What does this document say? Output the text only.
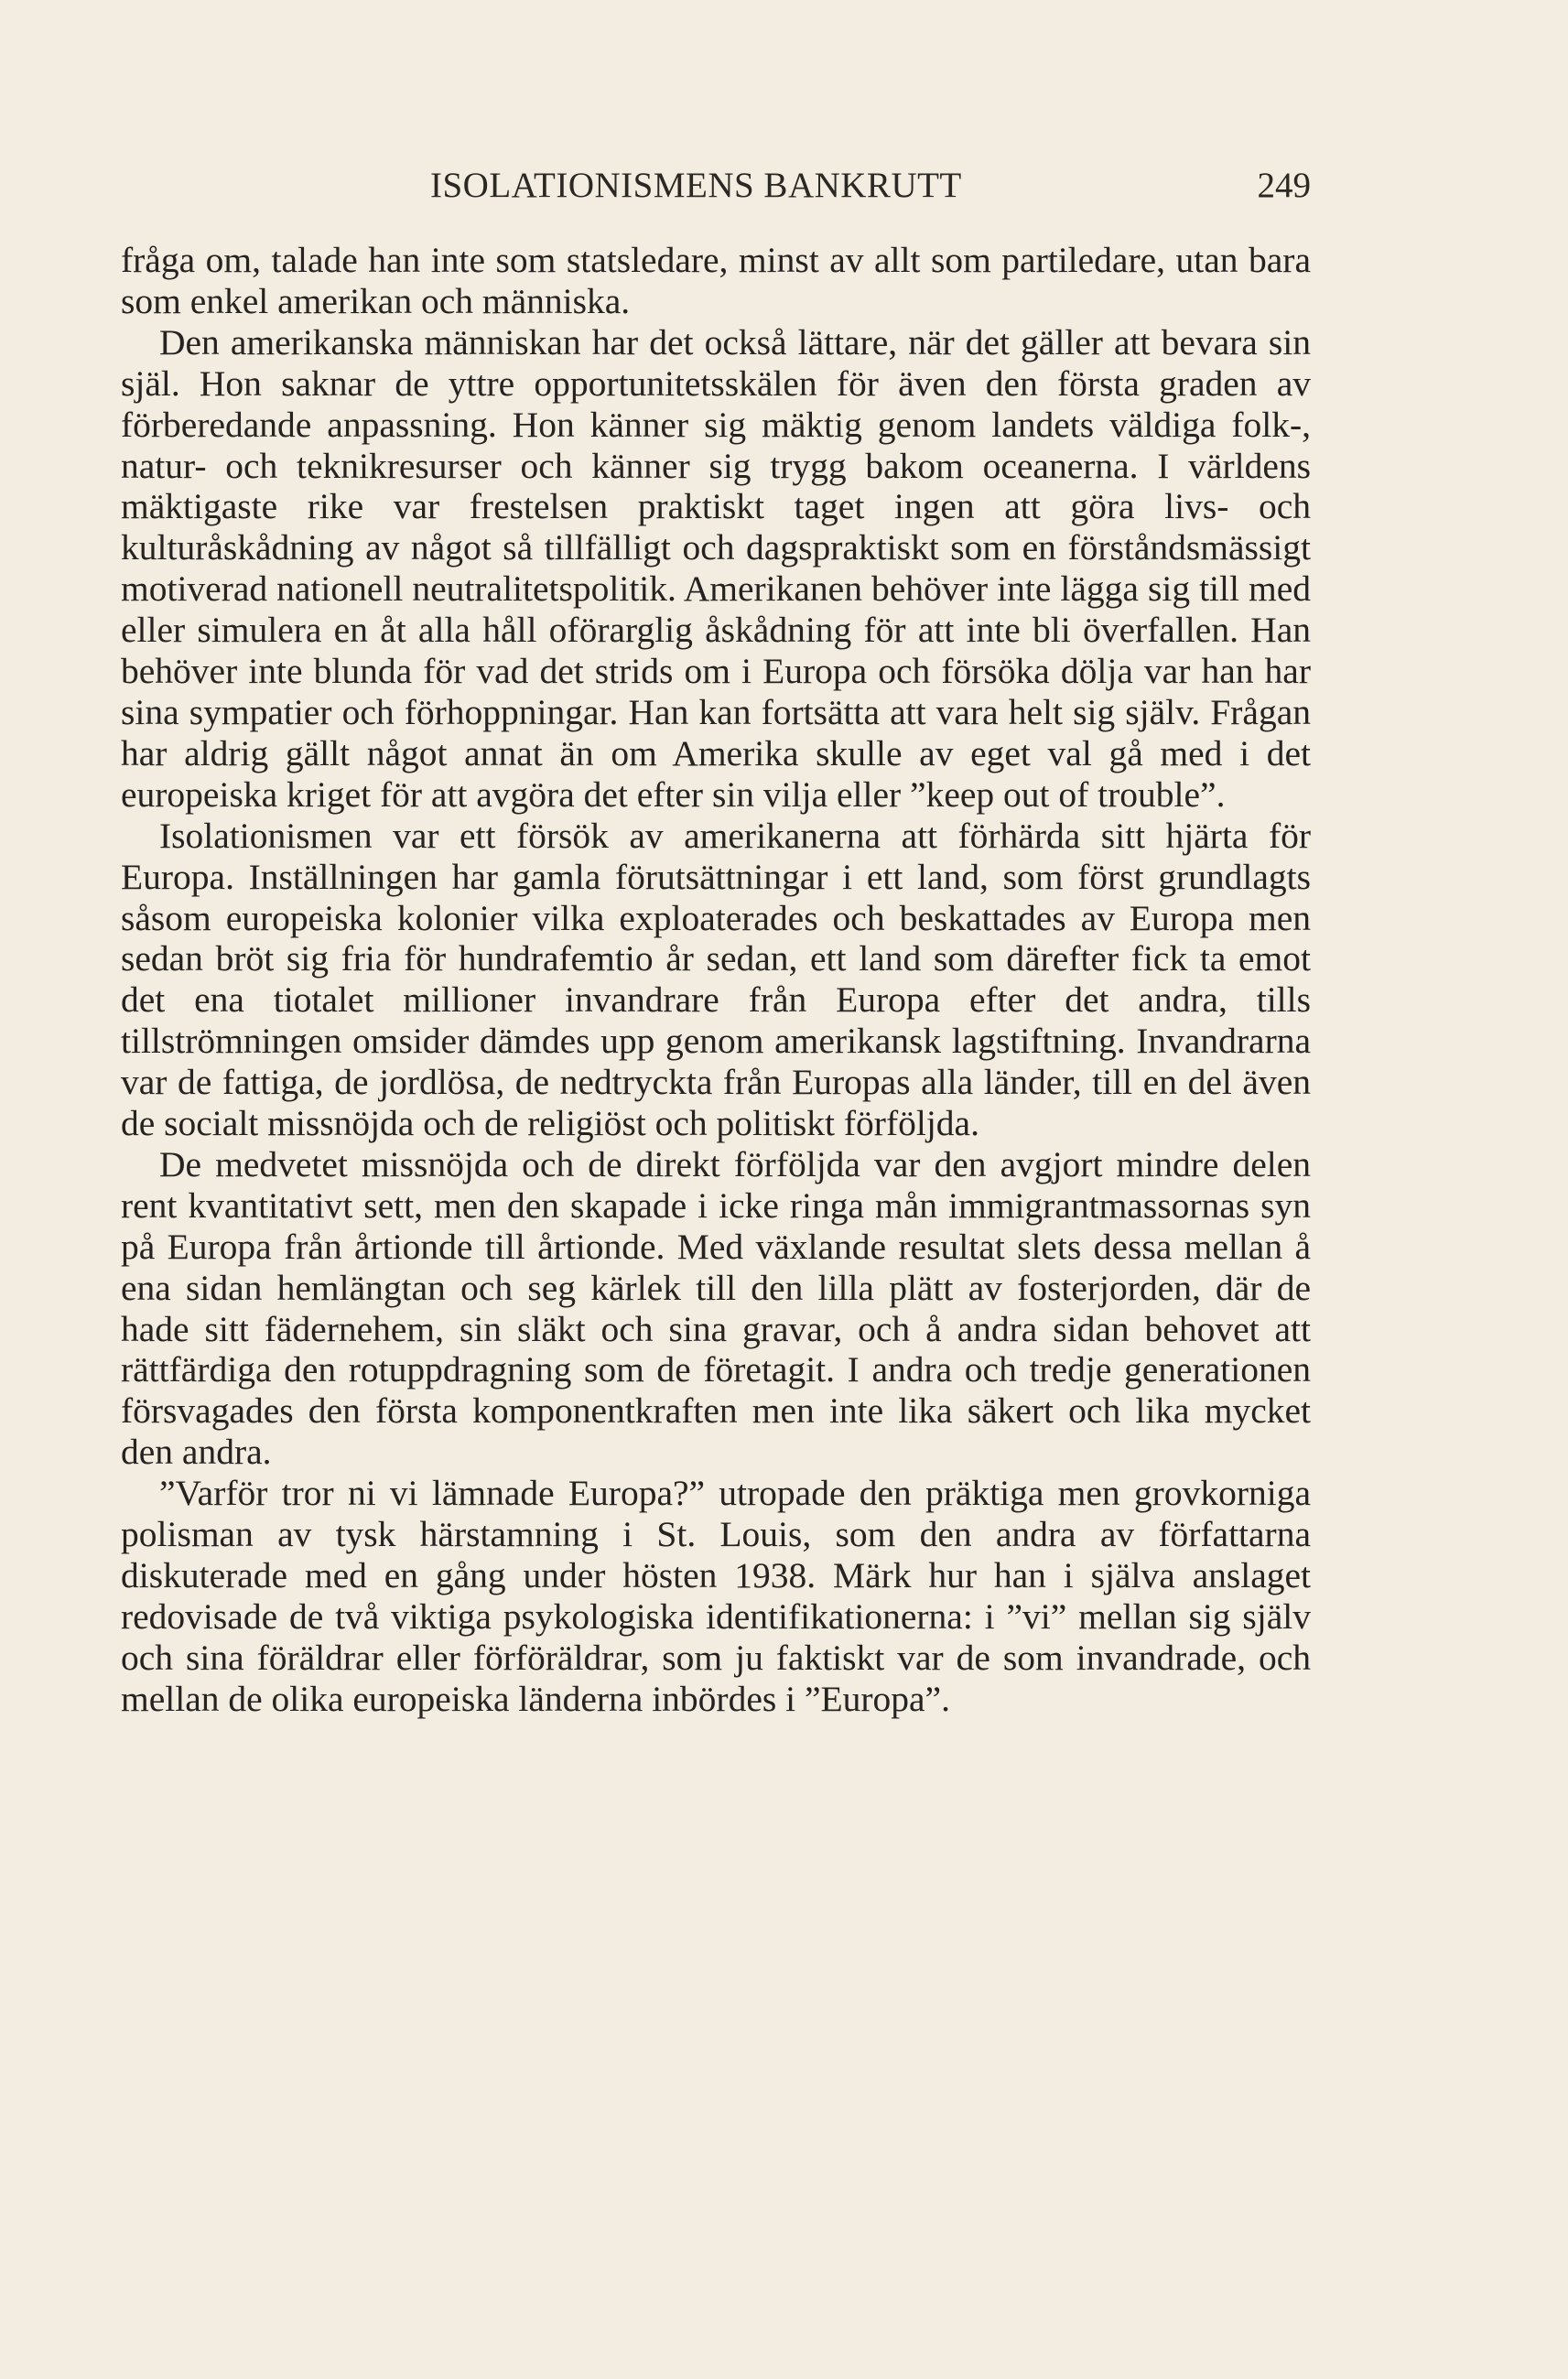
ISOLATIONISMENS BANKRUTT	249

fråga om, talade han inte som statsledare, minst av allt som partiledare, utan bara som enkel amerikan och människa.

Den amerikanska människan har det också lättare, när det gäller att bevara sin själ. Hon saknar de yttre opportunitetsskälen för även den första graden av förberedande anpassning. Hon känner sig mäktig genom landets väldiga folk-, natur- och teknikresurser och känner sig trygg bakom oceanerna. I världens mäktigaste rike var frestelsen praktiskt taget ingen att göra livs- och kulturåskådning av något så tillfälligt och dagspraktiskt som en förståndsmässigt motiverad nationell neutralitetspolitik. Amerikanen behöver inte lägga sig till med eller simulera en åt alla håll oförarglig åskådning för att inte bli överfallen. Han behöver inte blunda för vad det strids om i Europa och försöka dölja var han har sina sympatier och förhoppningar. Han kan fortsätta att vara helt sig själv. Frågan har aldrig gällt något annat än om Amerika skulle av eget val gå med i det europeiska kriget för att avgöra det efter sin vilja eller ”keep out of trouble”.

Isolationismen var ett försök av amerikanerna att förhärda sitt hjärta för Europa. Inställningen har gamla förutsättningar i ett land, som först grundlagts såsom europeiska kolonier vilka exploaterades och beskattades av Europa men sedan bröt sig fria för hundrafemtio år sedan, ett land som därefter fick ta emot det ena tiotalet millioner invandrare från Europa efter det andra, tills tillströmningen omsider dämdes upp genom amerikansk lagstiftning. Invandrarna var de fattiga, de jordlösa, de nedtryckta från Europas alla länder, till en del även de socialt missnöjda och de religiöst och politiskt förföljda.

De medvetet missnöjda och de direkt förföljda var den avgjort mindre delen rent kvantitativt sett, men den skapade i icke ringa mån immigrantmassornas syn på Europa från årtionde till årtionde. Med växlande resultat slets dessa mellan å ena sidan hemlängtan och seg kärlek till den lilla plätt av fosterjorden, där de hade sitt fädernehem, sin släkt och sina gravar, och å andra sidan behovet att rättfärdiga den rotuppdragning som de företagit. I andra och tredje generationen försvagades den första komponentkraften men inte lika säkert och lika mycket den andra.

”Varför tror ni vi lämnade Europa?” utropade den präktiga men grovkorniga polisman av tysk härstamning i St. Louis, som den andra av författarna diskuterade med en gång under hösten 1938. Märk hur han i själva anslaget redovisade de två viktiga psykologiska identifikationerna: i ”vi” mellan sig själv och sina föräldrar eller förföräldrar, som ju faktiskt var de som invandrade, och mellan de olika europeiska länderna inbördes i ”Europa”.
